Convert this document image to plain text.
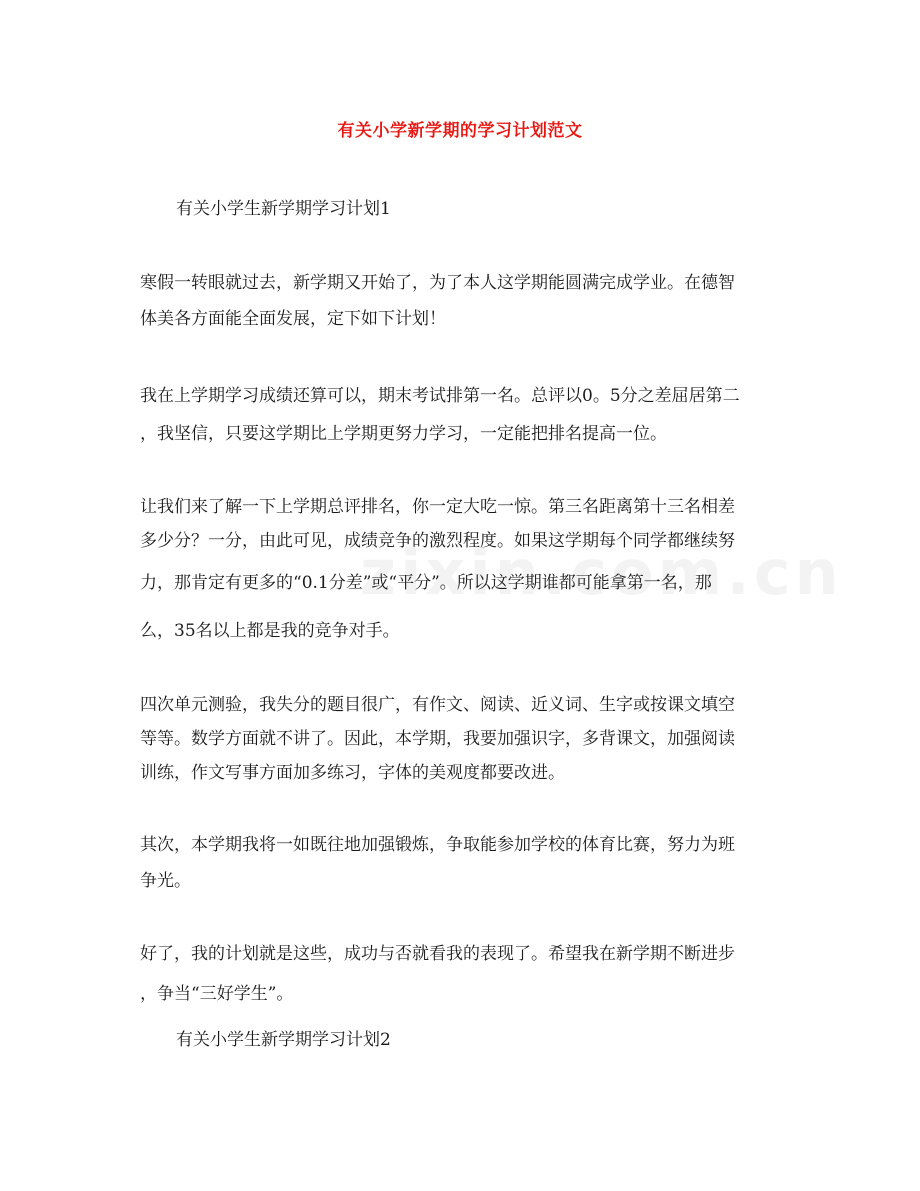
有关小学新学期的学习计划范文
有关小学生新学期学习计划1
寒假一转眼就过去，新学期又开始了，为了本人这学期能圆满完成学业。在德智
体美各方面能全面发展，定下如下计划！
我在上学期学习成绩还算可以，期末考试排第一名。总评以0。5分之差屈居第二
，我坚信，只要这学期比上学期更努力学习，一定能把排名提高一位。
让我们来了解一下上学期总评排名，你一定大吃一惊。第三名距离第十三名相差
多少分？一分，由此可见，成绩竞争的激烈程度。如果这学期每个同学都继续努
力，那肯定有更多的“0.1分差”或“平分”。所以这学期谁都可能拿第一名，那
么，35名以上都是我的竞争对手。
四次单元测验，我失分的题目很广，有作文、阅读、近义词、生字或按课文填空
等等。数学方面就不讲了。因此，本学期，我要加强识字，多背课文，加强阅读
训练，作文写事方面加多练习，字体的美观度都要改进。
其次，本学期我将一如既往地加强锻炼，争取能参加学校的体育比赛，努力为班
争光。
好了，我的计划就是这些，成功与否就看我的表现了。希望我在新学期不断进步
，争当“三好学生”。
有关小学生新学期学习计划2
